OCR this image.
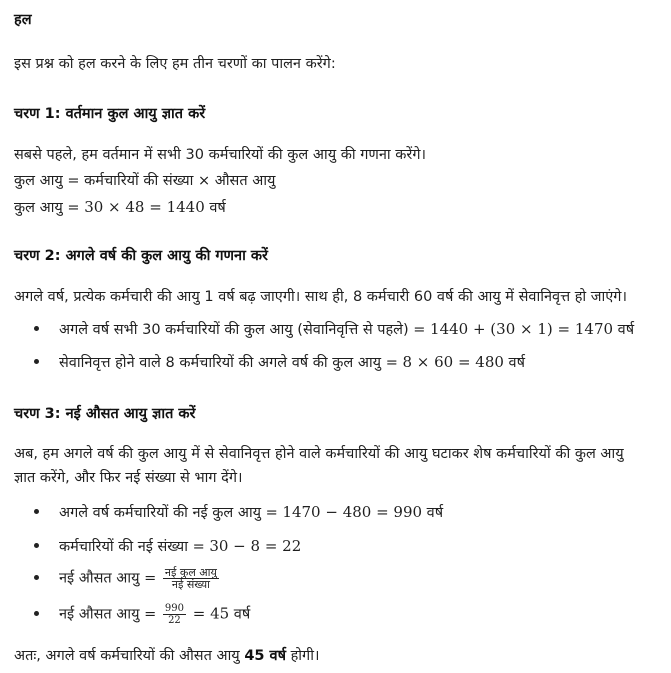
हल
इस प्रश्न को हल करने के लिए हम तीन चरणों का पालन करेंगे:
चरण 1: वर्तमान कुल आयु ज्ञात करें
सबसे पहले, हम वर्तमान में सभी 30 कर्मचारियों की कुल आयु की गणना करेंगे।
कुल आयु = कर्मचारियों की संख्या × औसत आयु
कुल आयु = 30 × 48 = 1440 वर्ष
चरण 2: अगले वर्ष की कुल आयु की गणना करें
अगले वर्ष, प्रत्येक कर्मचारी की आयु 1 वर्ष बढ़ जाएगी। साथ ही, 8 कर्मचारी 60 वर्ष की आयु में सेवानिवृत्त हो जाएंगे।
अगले वर्ष सभी 30 कर्मचारियों की कुल आयु (सेवानिवृत्ति से पहले) = 1440 + (30 × 1) = 1470 वर्ष
सेवानिवृत्त होने वाले 8 कर्मचारियों की अगले वर्ष की कुल आयु = 8 × 60 = 480 वर्ष
चरण 3: नई औसत आयु ज्ञात करें
अब, हम अगले वर्ष की कुल आयु में से सेवानिवृत्त होने वाले कर्मचारियों की आयु घटाकर शेष कर्मचारियों की कुल आयु
ज्ञात करेंगे, और फिर नई संख्या से भाग देंगे।
अगले वर्ष कर्मचारियों की नई कुल आयु = 1470 − 480 = 990 वर्ष
कर्मचारियों की नई संख्या = 30 − 8 = 22
नई औसत आयु = $\frac{\text{नई कुल आयु}}{\text{नई संख्या}}$
नई औसत आयु = $\frac{990}{22} = 45$ वर्ष
अतः, अगले वर्ष कर्मचारियों की औसत आयु 45 वर्ष होगी।
